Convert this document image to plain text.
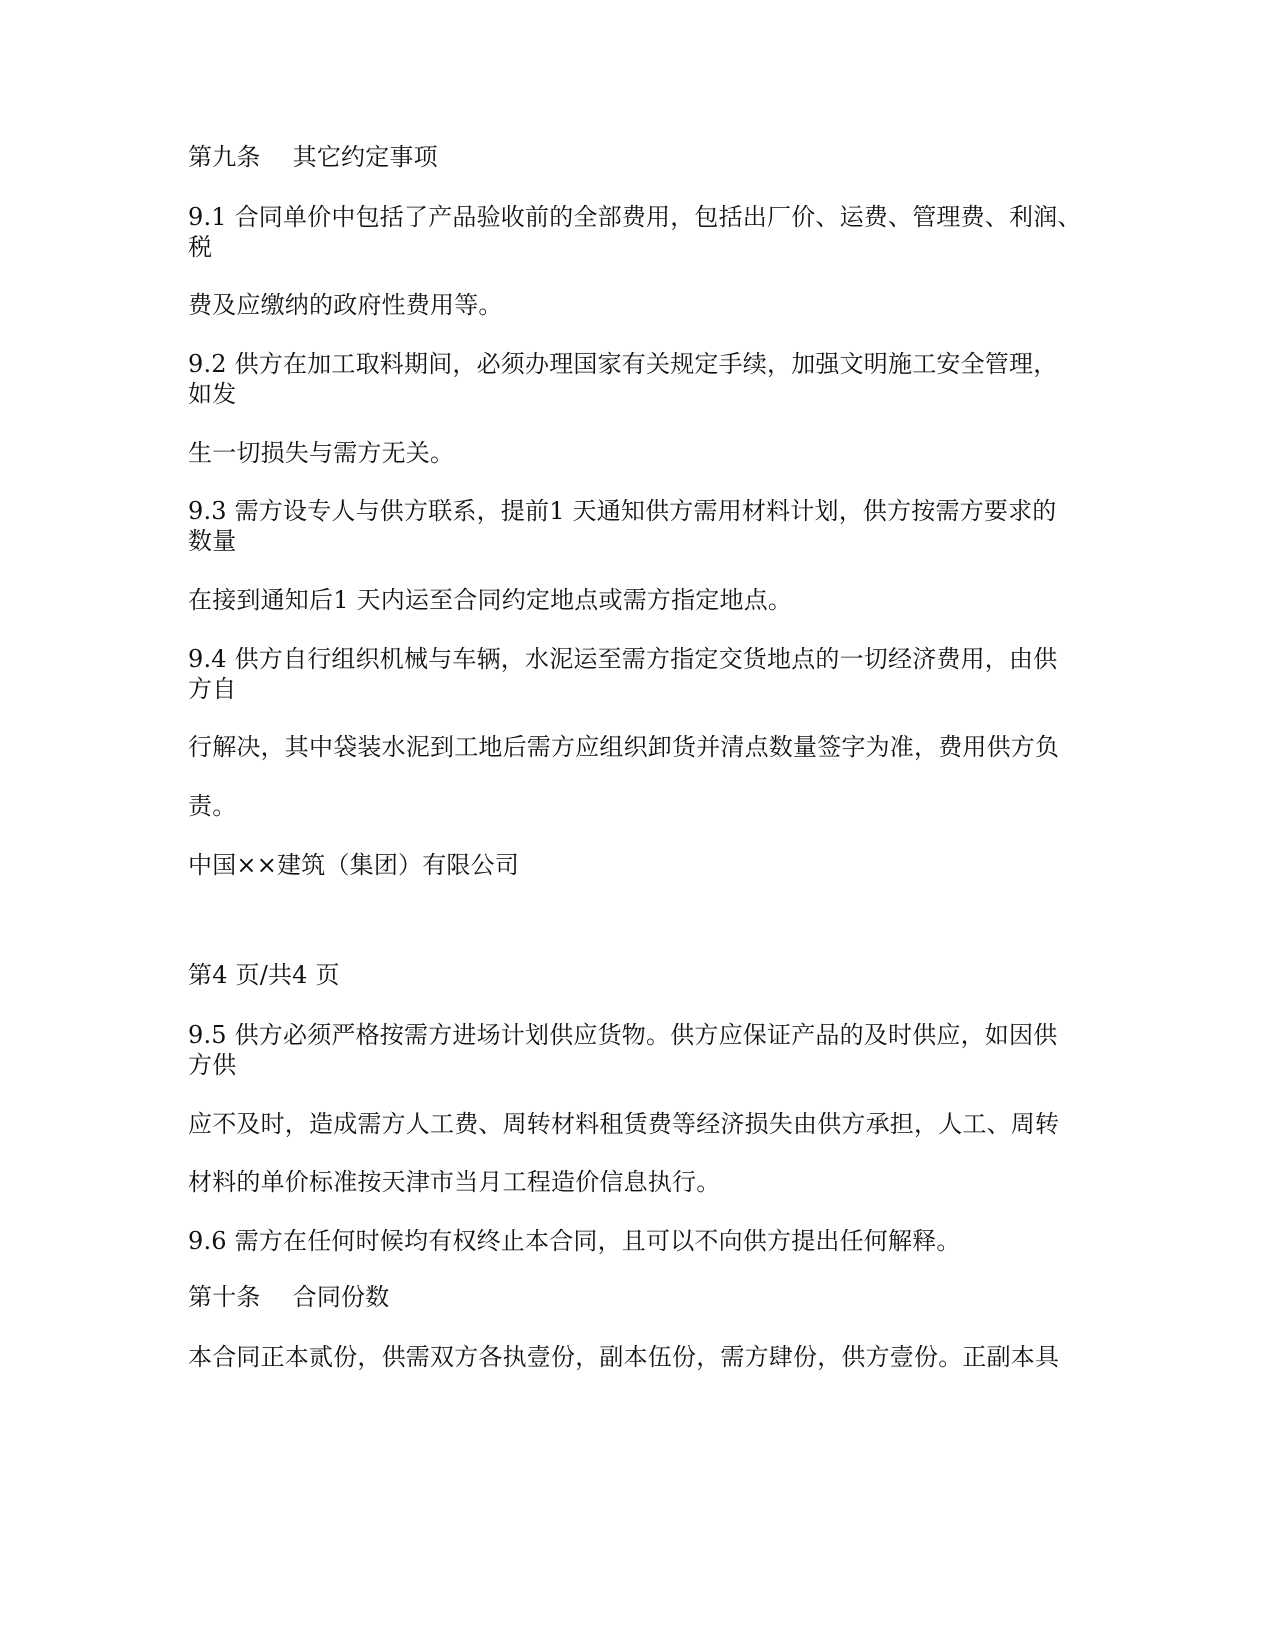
第九条　 其它约定事项

9.1 合同单价中包括了产品验收前的全部费用，包括出厂价、运费、管理费、利润、

税

费及应缴纳的政府性费用等。

9.2 供方在加工取料期间，必须办理国家有关规定手续，加强文明施工安全管理，

如发

生一切损失与需方无关。

9.3 需方设专人与供方联系，提前1 天通知供方需用材料计划，供方按需方要求的

数量

在接到通知后1 天内运至合同约定地点或需方指定地点。

9.4 供方自行组织机械与车辆，水泥运至需方指定交货地点的一切经济费用，由供

方自

行解决，其中袋装水泥到工地后需方应组织卸货并清点数量签字为准，费用供方负

责。

中国××建筑（集团）有限公司

第4 页/共4 页

9.5 供方必须严格按需方进场计划供应货物。供方应保证产品的及时供应，如因供

方供

应不及时，造成需方人工费、周转材料租赁费等经济损失由供方承担，人工、周转

材料的单价标准按天津市当月工程造价信息执行。

9.6 需方在任何时候均有权终止本合同，且可以不向供方提出任何解释。

第十条　 合同份数

本合同正本贰份，供需双方各执壹份，副本伍份，需方肆份，供方壹份。正副本具
